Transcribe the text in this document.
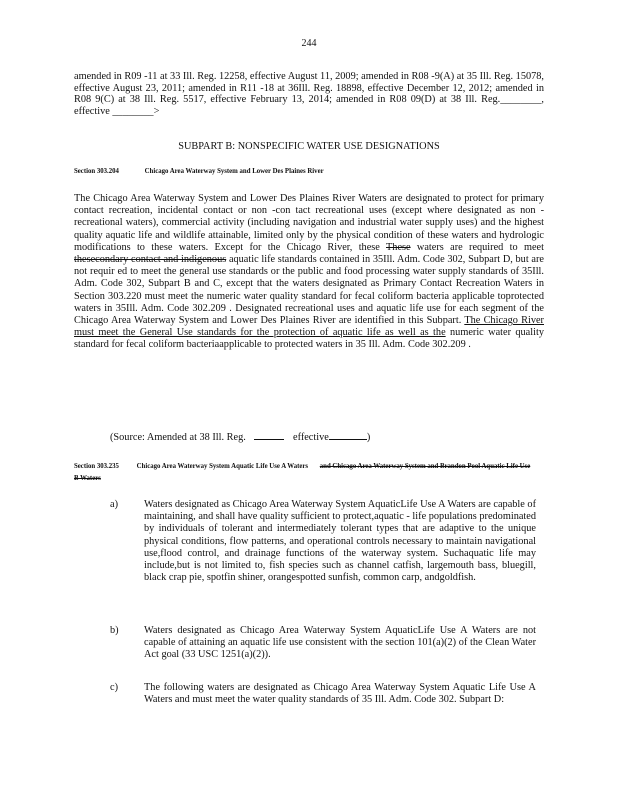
244
amended in R09 -11 at 33 Ill. Reg. 12258, effective August 11, 2009; amended in R08 -9(A) at 35 Ill. Reg. 15078, effective August 23, 2011; amended in R11 -18 at 36Ill. Reg. 18898, effective December 12, 2012; amended in R08 9(C) at 38 Ill. Reg. 5517, effective February 13, 2014; amended in R08 09(D) at 38 Ill. Reg.________, effective ________>
SUBPART B: NONSPECIFIC WATER USE DESIGNATIONS
Section 303.204	Chicago Area Waterway System and Lower Des Plaines River
The Chicago Area Waterway System and Lower Des Plaines River Waters are designated to protect for primary contact recreation, incidental contact or non -con tact recreational uses (except where designated as non -recreational waters), commercial activity (including navigation and industrial water supply uses) and the highest quality aquatic life and wildlife attainable, limited only by the physical condition of these waters and hydrologic modifications to these waters. Except for the Chicago River, these These waters are required to meet thesecondary contact and indigenous aquatic life standards contained in 35Ill. Adm. Code 302, Subpart D, but are not requir ed to meet the general use standards or the public and food processing water supply standards of 35Ill. Adm. Code 302, Subpart B and C, except that the waters designated as Primary Contact Recreation Waters in Section 303.220 must meet the numeric water quality standard for fecal coliform bacteria applicable toprotected waters in 35Ill. Adm. Code 302.209 . Designated recreational uses and aquatic life use for each segment of the Chicago Area Waterway System and Lower Des Plaines River are identified in this Subpart. The Chicago River must meet the General Use standards for the protection of aquatic life as well as the numeric water quality standard for fecal coliform bacteriaapplicable to protected waters in 35 Ill. Adm. Code 302.209 .
(Source: Amended at 38 Ill. Reg.	effective	)
Section 303.235	Chicago Area Waterway System Aquatic Life Use A Waters and Chicago Area Waterway System and Brandon Pool Aquatic Life Use B Waters
a)	Waters designated as Chicago Area Waterway System AquaticLife Use A Waters are capable of maintaining, and shall have quality sufficient to protect,aquatic - life populations predominated by individuals of tolerant and intermediately tolerant types that are adaptive to the unique physical conditions, flow patterns, and operational controls necessary to maintain navigational use,flood control, and drainage functions of the waterway system. Suchaquatic life may include,but is not limited to, fish species such as channel catfish, largemouth bass, bluegill, black crap pie, spotfin shiner, orangespotted sunfish, common carp, andgoldfish.
b) Waters designated as Chicago Area Waterway System AquaticLife Use A Waters are not capable of attaining an aquatic life use consistent with the section 101(a)(2) of the Clean Water Act goal (33 USC 1251(a)(2)).
c)	The following waters are designated as Chicago Area Waterway System Aquatic Life Use A Waters and must meet the water quality standards of 35 Ill. Adm. Code 302. Subpart D:
